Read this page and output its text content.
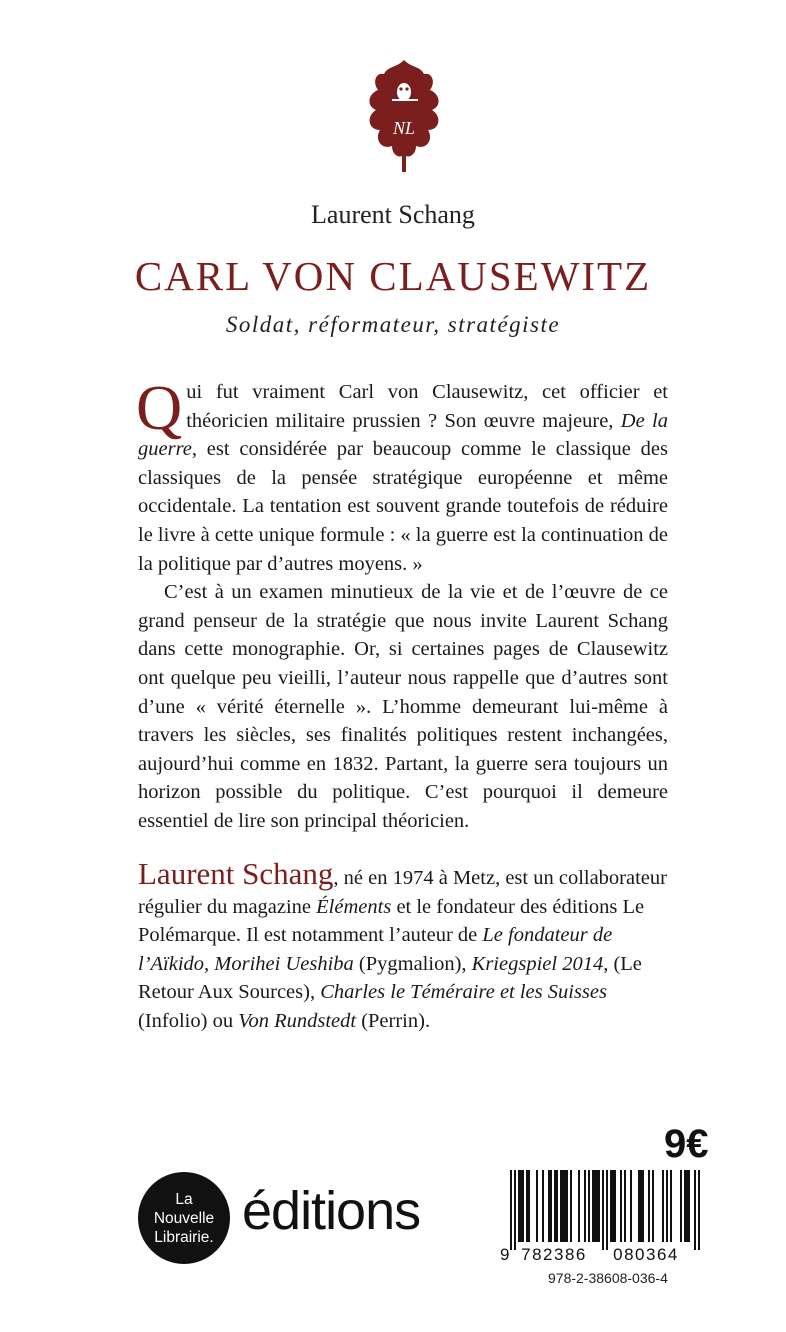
NL
Laurent Schang
CARL VON CLAUSEWITZ
Soldat, réformateur, stratégiste

Qui fut vraiment Carl von Clausewitz, cet officier et théoricien militaire prussien ? Son œuvre majeure, De la guerre, est considérée par beaucoup comme le classique des classiques de la pensée stratégique européenne et même occidentale. La tentation est souvent grande toutefois de réduire le livre à cette unique formule : « la guerre est la continuation de la politique par d’autres moyens. »

C’est à un examen minutieux de la vie et de l’œuvre de ce grand penseur de la stratégie que nous invite Laurent Schang dans cette monographie. Or, si certaines pages de Clausewitz ont quelque peu vieilli, l’auteur nous rappelle que d’autres sont d’une « vérité éternelle ». L’homme demeurant lui-même à travers les siècles, ses finalités politiques restent inchangées, aujourd’hui comme en 1832. Partant, la guerre sera toujours un horizon possible du politique. C’est pourquoi il demeure essentiel de lire son principal théoricien.

Laurent Schang, né en 1974 à Metz, est un collaborateur régulier du magazine Éléments et le fondateur des éditions Le Polémarque. Il est notamment l’auteur de Le fondateur de l’Aïkido, Morihei Ueshiba (Pygmalion), Kriegspiel 2014, (Le Retour Aux Sources), Charles le Téméraire et les Suisses (Infolio) ou Von Rundstedt (Perrin).
9€
La
Nouvelle
Librairie. éditions
9 782386 080364
978-2-38608-036-4
